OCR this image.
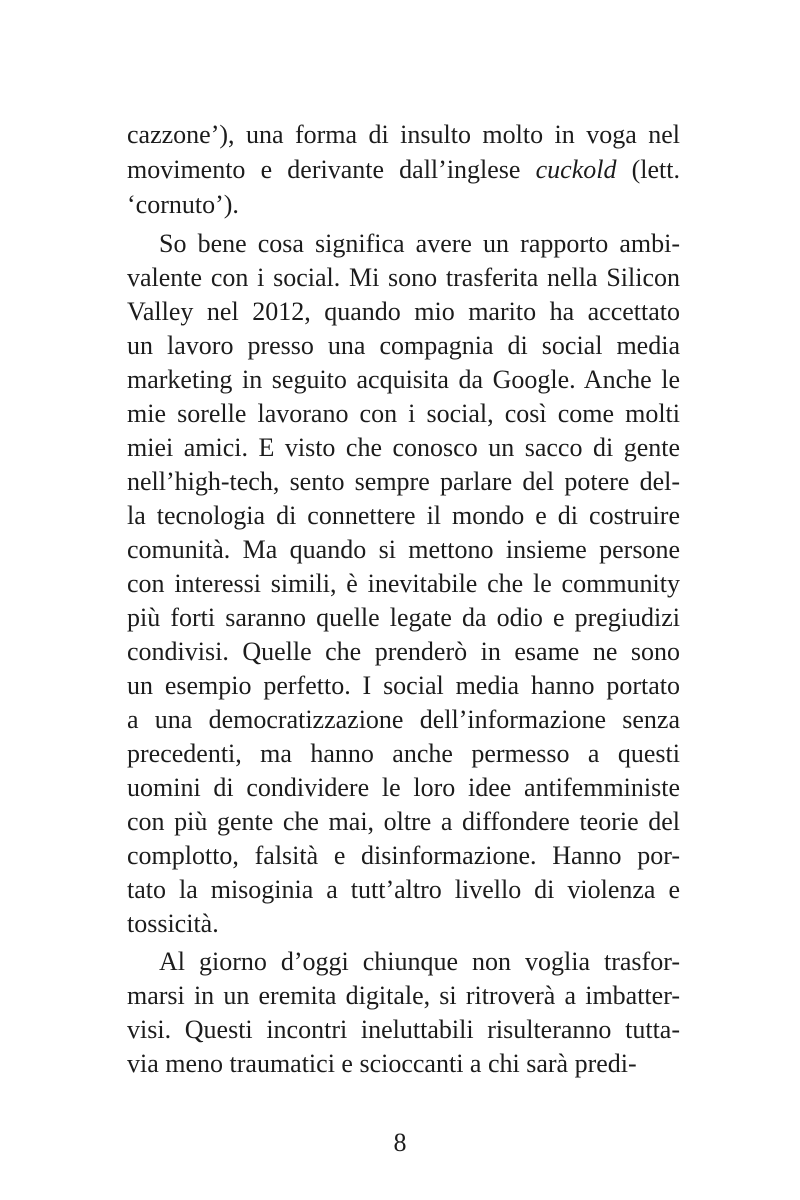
cazzone’), una forma di insulto molto in voga nel
movimento e derivante dall’inglese cuckold (lett.
‘cornuto’).
So bene cosa significa avere un rapporto ambi-
valente con i social. Mi sono trasferita nella Silicon
Valley nel 2012, quando mio marito ha accettato
un lavoro presso una compagnia di social media
marketing in seguito acquisita da Google. Anche le
mie sorelle lavorano con i social, così come molti
miei amici. E visto che conosco un sacco di gente
nell’high-tech, sento sempre parlare del potere del-
la tecnologia di connettere il mondo e di costruire
comunità. Ma quando si mettono insieme persone
con interessi simili, è inevitabile che le community
più forti saranno quelle legate da odio e pregiudizi
condivisi. Quelle che prenderò in esame ne sono
un esempio perfetto. I social media hanno portato
a una democratizzazione dell’informazione senza
precedenti, ma hanno anche permesso a questi
uomini di condividere le loro idee antifemministe
con più gente che mai, oltre a diffondere teorie del
complotto, falsità e disinformazione. Hanno por-
tato la misoginia a tutt’altro livello di violenza e
tossicità.
Al giorno d’oggi chiunque non voglia trasfor-
marsi in un eremita digitale, si ritroverà a imbatter-
visi. Questi incontri ineluttabili risulteranno tutta-
via meno traumatici e scioccanti a chi sarà predi-
8
